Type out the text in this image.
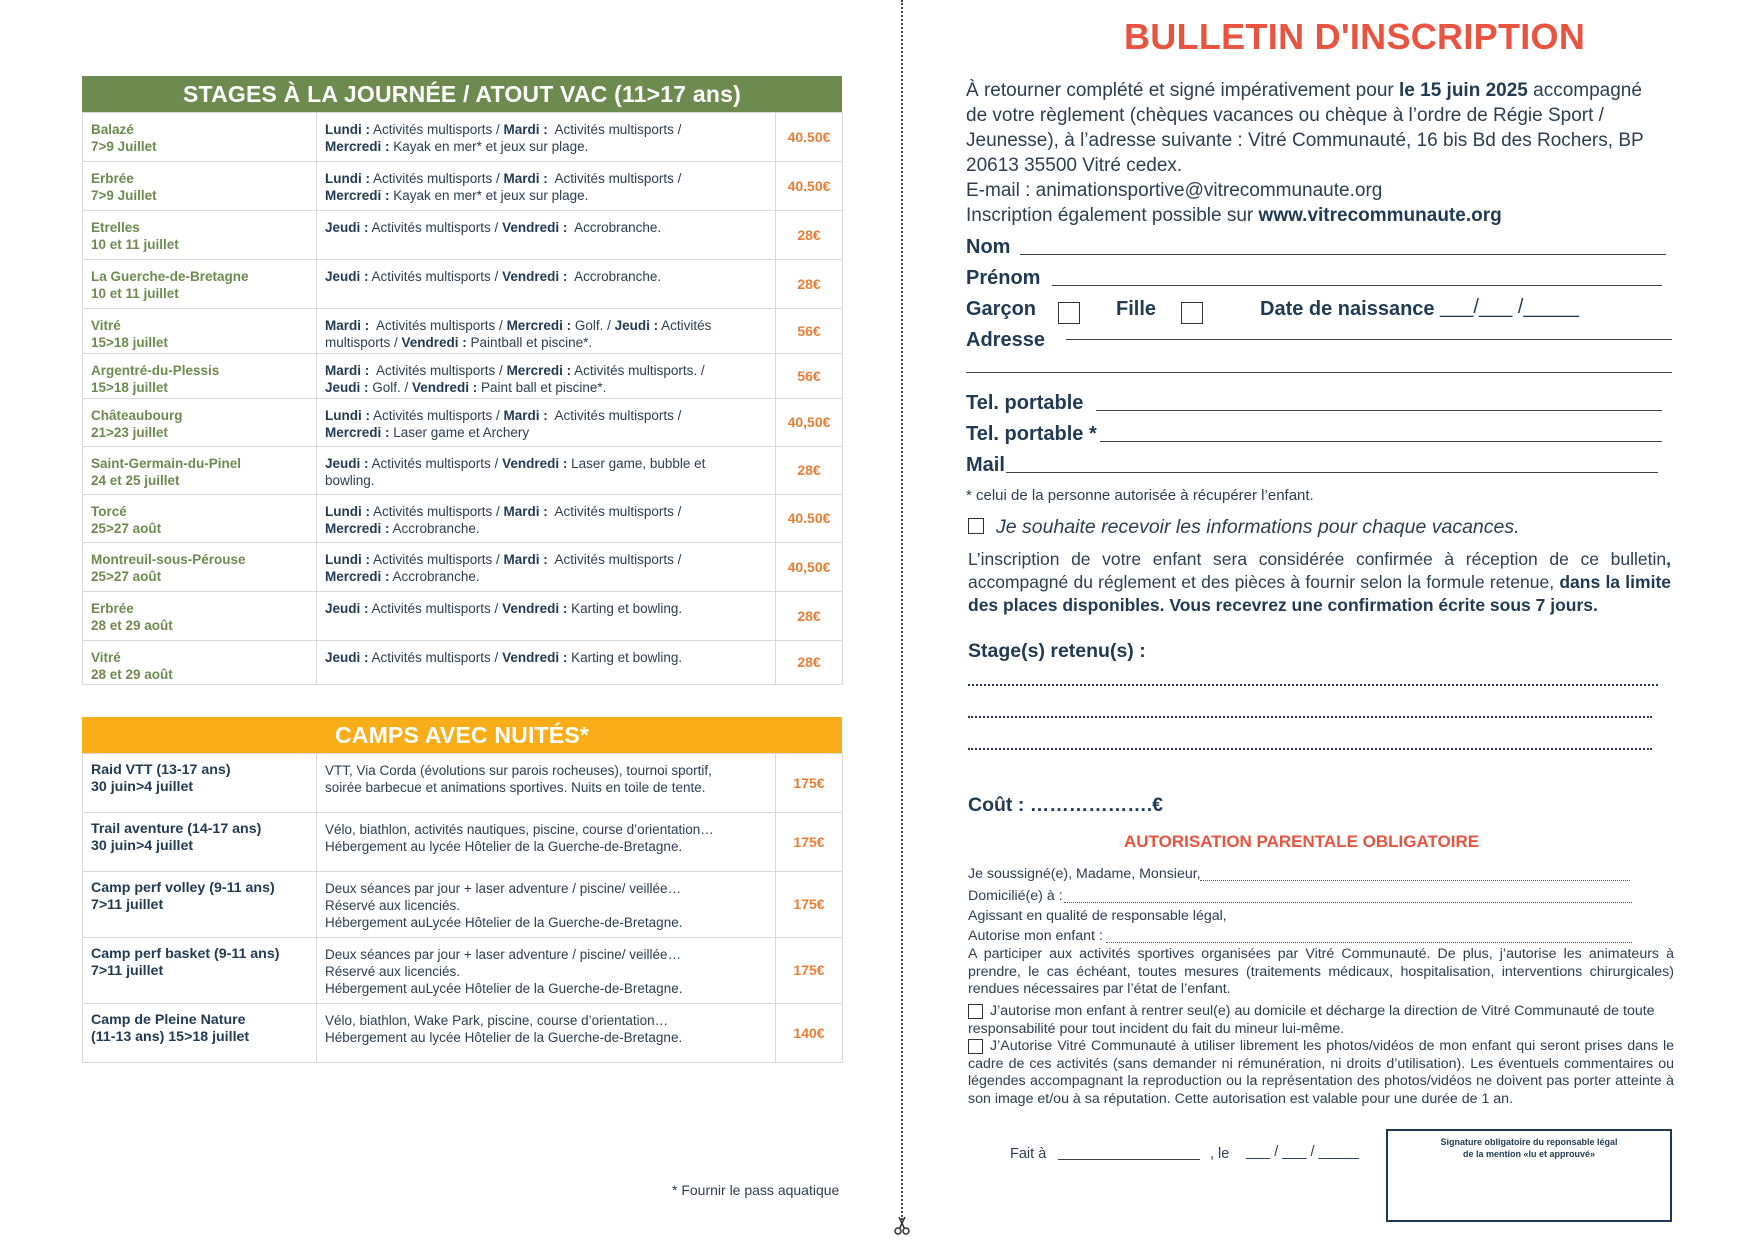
STAGES À LA JOURNÉE / ATOUT VAC (11>17 ans)
Balazé
7>9 Juillet	Lundi : Activités multisports / Mardi :  Activités multisports /
Mercredi : Kayak en mer* et jeux sur plage.	40.50€

Erbrée
7>9 Juillet	Lundi : Activités multisports / Mardi :  Activités multisports /
Mercredi : Kayak en mer* et jeux sur plage.	40.50€

Etrelles
10 et 11 juillet	Jeudi : Activités multisports / Vendredi :  Accrobranche.	28€

La Guerche-de-Bretagne
10 et 11 juillet	Jeudi : Activités multisports / Vendredi :  Accrobranche.	28€

Vitré
15>18 juillet	Mardi :  Activités multisports / Mercredi : Golf. / Jeudi : Activités
multisports / Vendredi : Paintball et piscine*.	56€

Argentré-du-Plessis
15>18 juillet	Mardi :  Activités multisports / Mercredi : Activités multisports. /
Jeudi : Golf. / Vendredi : Paint ball et piscine*.	56€

Châteaubourg
21>23 juillet	Lundi : Activités multisports / Mardi :  Activités multisports /
Mercredi : Laser game et Archery	40,50€

Saint-Germain-du-Pinel
24 et 25 juillet	Jeudi : Activités multisports / Vendredi : Laser game, bubble et
bowling.	28€

Torcé
25>27 août	Lundi : Activités multisports / Mardi :  Activités multisports /
Mercredi : Accrobranche.	40.50€

Montreuil-sous-Pérouse
25>27 août	Lundi : Activités multisports / Mardi :  Activités multisports /
Mercredi : Accrobranche.	40,50€

Erbrée
28 et 29 août	Jeudi : Activités multisports / Vendredi : Karting et bowling.	28€

Vitré
28 et 29 août	Jeudi : Activités multisports / Vendredi : Karting et bowling.	28€
CAMPS AVEC NUITÉS*
Raid VTT (13-17 ans)
30 juin>4 juillet	VTT, Via Corda (évolutions sur parois rocheuses), tournoi sportif,
soirée barbecue et animations sportives. Nuits en toile de tente.	175€

Trail aventure (14-17 ans)
30 juin>4 juillet	Vélo, biathlon, activités nautiques, piscine, course d’orientation…
Hébergement au lycée Hôtelier de la Guerche-de-Bretagne.	175€

Camp perf volley (9-11 ans)
7>11 juillet	Deux séances par jour + laser adventure / piscine/ veillée…
Réservé aux licenciés.
Hébergement auLycée Hôtelier de la Guerche-de-Bretagne.	175€

Camp perf basket (9-11 ans)
7>11 juillet	Deux séances par jour + laser adventure / piscine/ veillée…
Réservé aux licenciés.
Hébergement auLycée Hôtelier de la Guerche-de-Bretagne.	175€

Camp de Pleine Nature
(11-13 ans) 15>18 juillet	Vélo, biathlon, Wake Park, piscine, course d’orientation…
Hébergement au lycée Hôtelier de la Guerche-de-Bretagne.	140€
* Fournir le pass aquatique
BULLETIN D'INSCRIPTION
À retourner complété et signé impérativement pour le 15 juin 2025 accompagné
de votre règlement (chèques vacances ou chèque à l’ordre de Régie Sport /
Jeunesse), à l’adresse suivante : Vitré Communauté, 16 bis Bd des Rochers, BP
20613 35500 Vitré cedex.
E-mail : animationsportive@vitrecommunaute.org
Inscription également possible sur www.vitrecommunaute.org
Nom
Prénom
Garçon	Fille	Date de naissance ___/___ /_____
Adresse
Tel. portable
Tel. portable *
Mail
* celui de la personne autorisée à récupérer l’enfant.
Je souhaite recevoir les informations pour chaque vacances.
L’inscription de votre enfant sera considérée confirmée à réception de ce bulletin, accompagné du réglement et des pièces à fournir selon la formule retenue, dans la limite des places disponibles. Vous recevrez une confirmation écrite sous 7 jours.
Stage(s) retenu(s) :
Coût : ……………….€
AUTORISATION PARENTALE OBLIGATOIRE
Je soussigné(e), Madame, Monsieur,
Domicilié(e) à :
Agissant en qualité de responsable légal,
Autorise mon enfant :
A participer aux activités sportives organisées par Vitré Communauté. De plus, j’autorise les animateurs à prendre, le cas échéant, toutes mesures (traitements médicaux, hospitalisation, interventions chirurgicales) rendues nécessaires par l’état de l’enfant.
J’autorise mon enfant à rentrer seul(e) au domicile et décharge la direction de Vitré Communauté de toute responsabilité pour tout incident du fait du mineur lui-même.
J’Autorise Vitré Communauté à utiliser librement les photos/vidéos de mon enfant qui seront prises dans le cadre de ces activités (sans demander ni rémunération, ni droits d’utilisation). Les éventuels commentaires ou légendes accompagnant la reproduction ou la représentation des photos/vidéos ne doivent pas porter atteinte à son image et/ou à sa réputation. Cette autorisation est valable pour une durée de 1 an.
Fait à	, le ___ / ___ / _____
Signature obligatoire du reponsable légal
de la mention «lu et approuvé»
